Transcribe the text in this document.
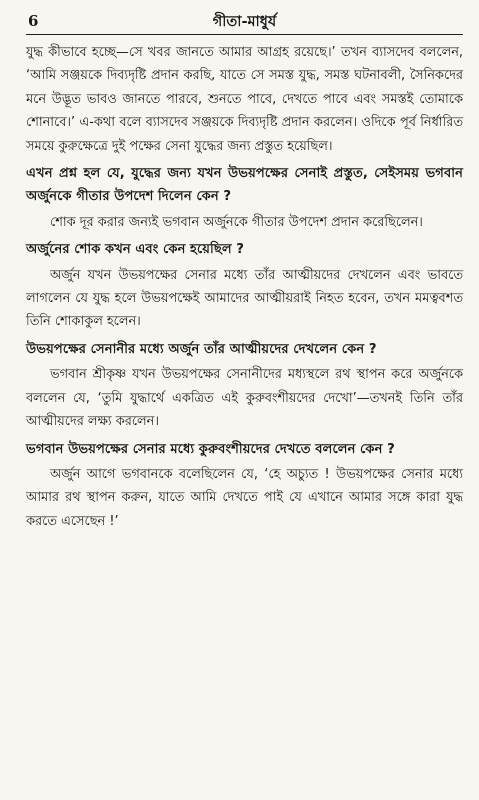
6	গীতা-মাধুর্য

যুদ্ধ কীভাবে হচ্ছে—সে খবর জানতে আমার আগ্রহ রয়েছে।’ তখন ব্যাসদেব বললেন, ‘আমি সঞ্জয়কে দিব্যদৃষ্টি প্রদান করছি, যাতে সে সমস্ত যুদ্ধ, সমস্ত ঘটনাবলী, সৈনিকদের মনে উদ্ভূত ভাবও জানতে পারবে, শুনতে পাবে, দেখতে পাবে এবং সমস্তই তোমাকে শোনাবে।’ এ-কথা বলে ব্যাসদেব সঞ্জয়কে দিব্যদৃষ্টি প্রদান করলেন। ওদিকে পূর্ব নির্ধারিত সময়ে কুরুক্ষেত্রে দুই পক্ষের সেনা যুদ্ধের জন্য প্রস্তুত হয়েছিল।

এখন প্রশ্ন হল যে, যুদ্ধের জন্য যখন উভয়পক্ষের সেনাই প্রস্তুত, সেইসময় ভগবান অর্জুনকে গীতার উপদেশ দিলেন কেন ?

শোক দূর করার জন্যই ভগবান অর্জুনকে গীতার উপদেশ প্রদান করেছিলেন।

অর্জুনের শোক কখন এবং কেন হয়েছিল ?

অর্জুন যখন উভয়পক্ষের সেনার মধ্যে তাঁর আত্মীয়দের দেখলেন এবং ভাবতে লাগলেন যে যুদ্ধ হলে উভয়পক্ষেই আমাদের আত্মীয়রাই নিহত হবেন, তখন মমত্ববশত তিনি শোকাকুল হলেন।

উভয়পক্ষের সেনানীর মধ্যে অর্জুন তাঁর আত্মীয়দের দেখলেন কেন ?

ভগবান শ্রীকৃষ্ণ যখন উভয়পক্ষের সেনানীদের মধ্যস্থলে রথ স্থাপন করে অর্জুনকে বললেন যে, ‘তুমি যুদ্ধার্থে একত্রিত এই কুরুবংশীয়দের দেখো’—তখনই তিনি তাঁর আত্মীয়দের লক্ষ্য করলেন।

ভগবান উভয়পক্ষের সেনার মধ্যে কুরুবংশীয়দের দেখতে বললেন কেন ?

অর্জুন আগে ভগবানকে বলেছিলেন যে, ‘হে অচ্যুত ! উভয়পক্ষের সেনার মধ্যে আমার রথ স্থাপন করুন, যাতে আমি দেখতে পাই যে এখানে আমার সঙ্গে কারা যুদ্ধ করতে এসেছেন !’
